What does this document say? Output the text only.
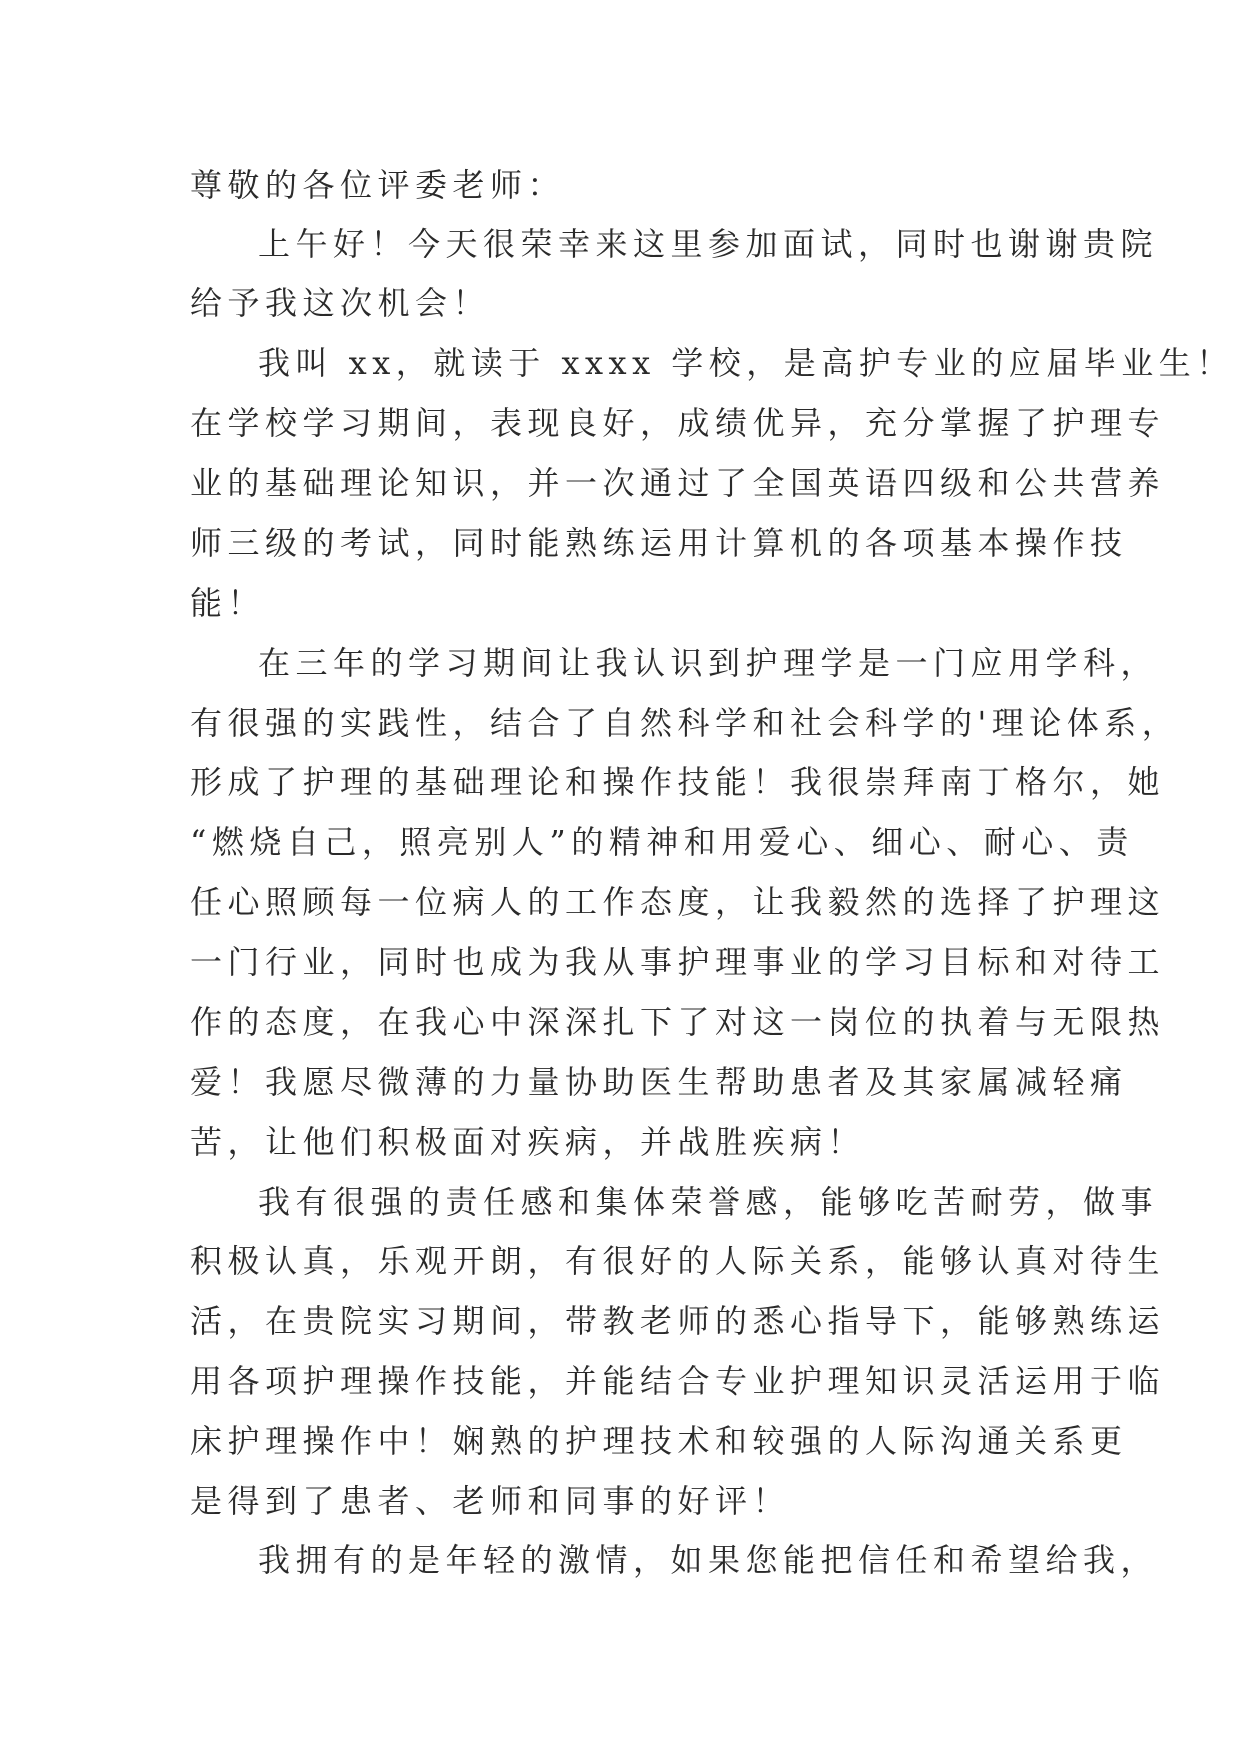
尊敬的各位评委老师：
上午好！今天很荣幸来这里参加面试，同时也谢谢贵院
给予我这次机会！
我叫 xx，就读于 xxxx 学校，是高护专业的应届毕业生！
在学校学习期间，表现良好，成绩优异，充分掌握了护理专
业的基础理论知识，并一次通过了全国英语四级和公共营养
师三级的考试，同时能熟练运用计算机的各项基本操作技
能！
在三年的学习期间让我认识到护理学是一门应用学科，
有很强的实践性，结合了自然科学和社会科学的'理论体系，
形成了护理的基础理论和操作技能！我很崇拜南丁格尔，她
“燃烧自己，照亮别人”的精神和用爱心、细心、耐心、责
任心照顾每一位病人的工作态度，让我毅然的选择了护理这
一门行业，同时也成为我从事护理事业的学习目标和对待工
作的态度，在我心中深深扎下了对这一岗位的执着与无限热
爱！我愿尽微薄的力量协助医生帮助患者及其家属减轻痛
苦，让他们积极面对疾病，并战胜疾病！
我有很强的责任感和集体荣誉感，能够吃苦耐劳，做事
积极认真，乐观开朗，有很好的人际关系，能够认真对待生
活，在贵院实习期间，带教老师的悉心指导下，能够熟练运
用各项护理操作技能，并能结合专业护理知识灵活运用于临
床护理操作中！娴熟的护理技术和较强的人际沟通关系更
是得到了患者、老师和同事的好评！
我拥有的是年轻的激情，如果您能把信任和希望给我，
